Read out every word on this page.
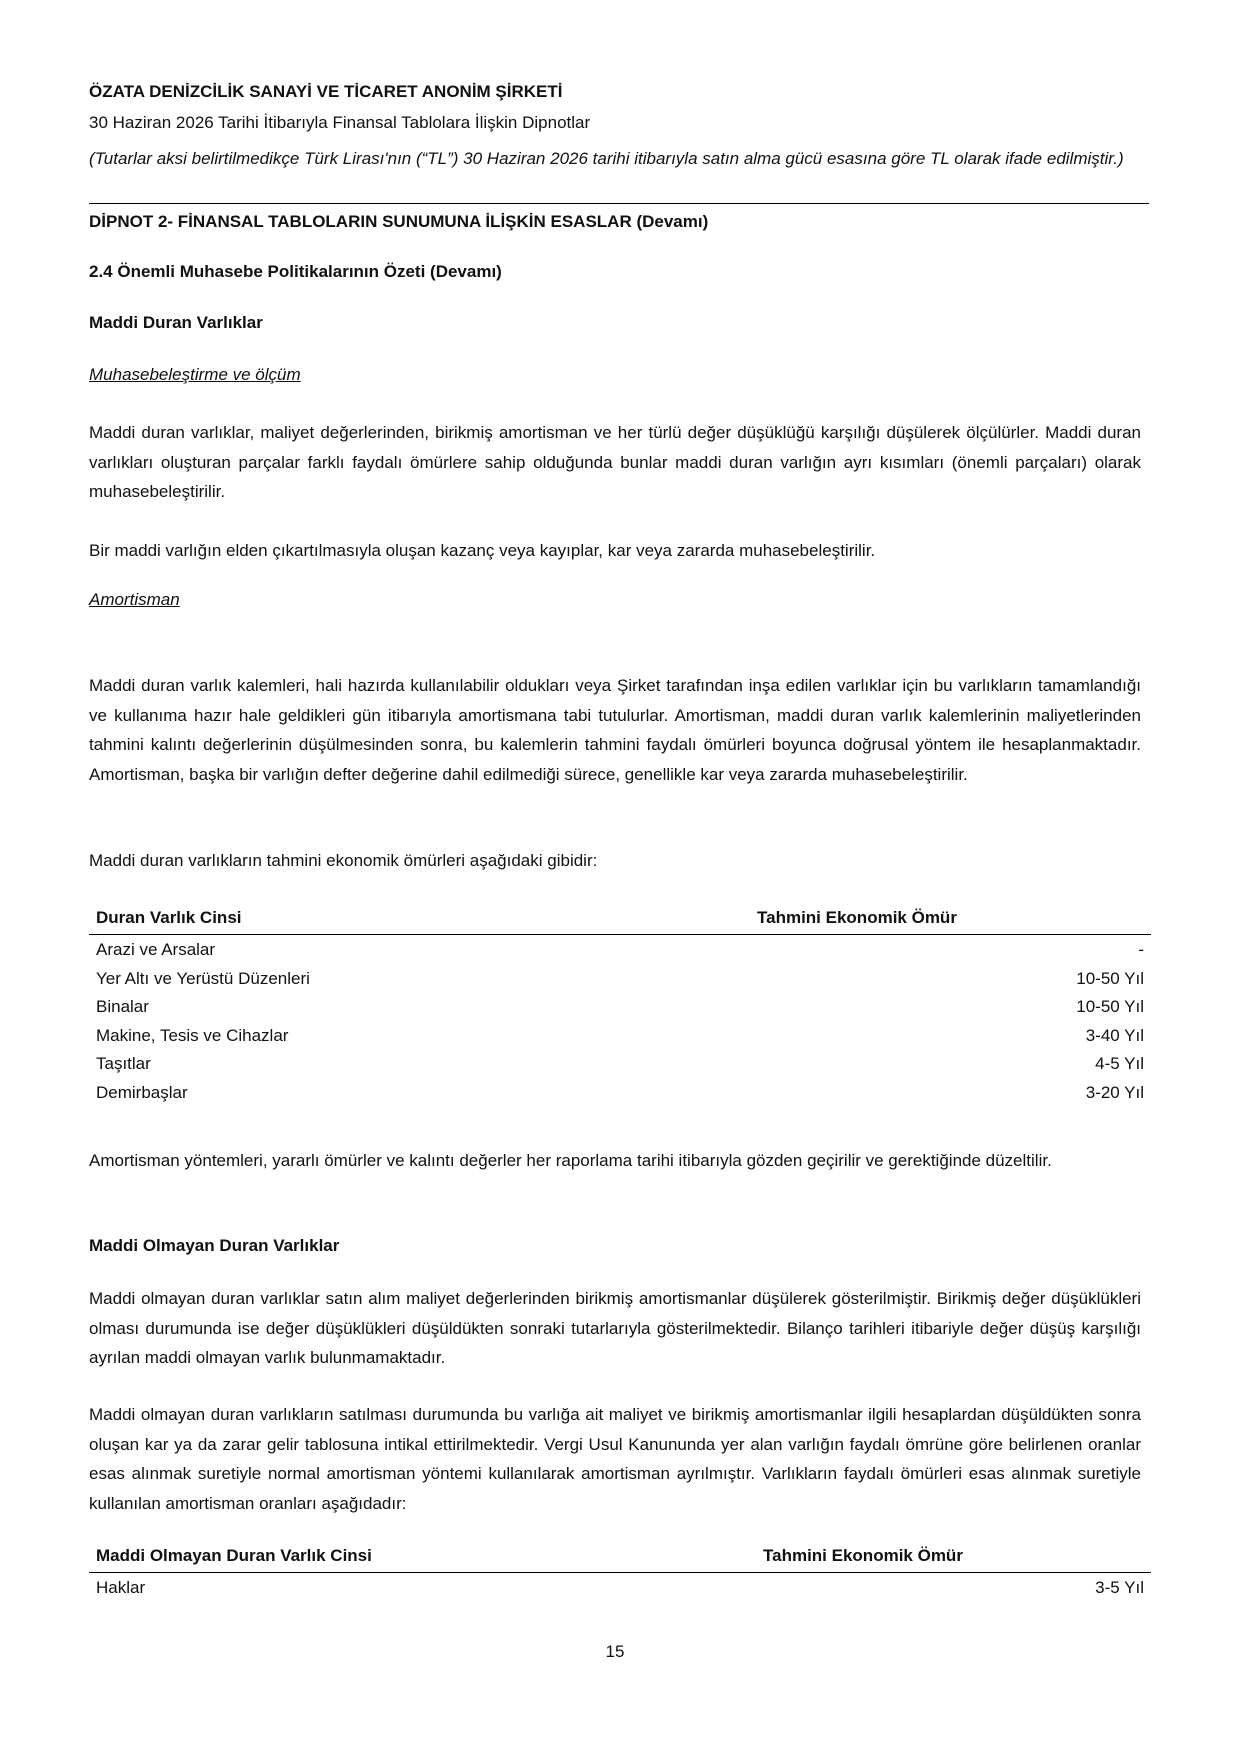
ÖZATA DENİZCİLİK SANAYİ VE TİCARET ANONİM ŞİRKETİ
30 Haziran 2026 Tarihi İtibarıyla Finansal Tablolara İlişkin Dipnotlar
(Tutarlar aksi belirtilmedikçe Türk Lirası'nın (“TL”) 30 Haziran 2026 tarihi itibarıyla satın alma gücü esasına göre TL olarak ifade edilmiştir.)
DİPNOT 2- FİNANSAL TABLOLARIN SUNUMUNA İLİŞKİN ESASLAR (Devamı)
2.4 Önemli Muhasebe Politikalarının Özeti (Devamı)
Maddi Duran Varlıklar
Muhasebeleştirme ve ölçüm
Maddi duran varlıklar, maliyet değerlerinden, birikmiş amortisman ve her türlü değer düşüklüğü karşılığı düşülerek ölçülürler. Maddi duran varlıkları oluşturan parçalar farklı faydalı ömürlere sahip olduğunda bunlar maddi duran varlığın ayrı kısımları (önemli parçaları) olarak muhasebeleştirilir.
Bir maddi varlığın elden çıkartılmasıyla oluşan kazanç veya kayıplar, kar veya zararda muhasebeleştirilir.
Amortisman
Maddi duran varlık kalemleri, hali hazırda kullanılabilir oldukları veya Şirket tarafından inşa edilen varlıklar için bu varlıkların tamamlandığı ve kullanıma hazır hale geldikleri gün itibarıyla amortismana tabi tutulurlar. Amortisman, maddi duran varlık kalemlerinin maliyetlerinden tahmini kalıntı değerlerinin düşülmesinden sonra, bu kalemlerin tahmini faydalı ömürleri boyunca doğrusal yöntem ile hesaplanmaktadır. Amortisman, başka bir varlığın defter değerine dahil edilmediği sürece, genellikle kar veya zararda muhasebeleştirilir.
Maddi duran varlıkların tahmini ekonomik ömürleri aşağıdaki gibidir:
Duran Varlık Cinsi	Tahmini Ekonomik Ömür
Arazi ve Arsalar	-
Yer Altı ve Yerüstü Düzenleri	10-50 Yıl
Binalar	10-50 Yıl
Makine, Tesis ve Cihazlar	3-40 Yıl
Taşıtlar	4-5 Yıl
Demirbaşlar	3-20 Yıl
Amortisman yöntemleri, yararlı ömürler ve kalıntı değerler her raporlama tarihi itibarıyla gözden geçirilir ve gerektiğinde düzeltilir.
Maddi Olmayan Duran Varlıklar
Maddi olmayan duran varlıklar satın alım maliyet değerlerinden birikmiş amortismanlar düşülerek gösterilmiştir. Birikmiş değer düşüklükleri olması durumunda ise değer düşüklükleri düşüldükten sonraki tutarlarıyla gösterilmektedir. Bilanço tarihleri itibariyle değer düşüş karşılığı ayrılan maddi olmayan varlık bulunmamaktadır.
Maddi olmayan duran varlıkların satılması durumunda bu varlığa ait maliyet ve birikmiş amortismanlar ilgili hesaplardan düşüldükten sonra oluşan kar ya da zarar gelir tablosuna intikal ettirilmektedir. Vergi Usul Kanununda yer alan varlığın faydalı ömrüne göre belirlenen oranlar esas alınmak suretiyle normal amortisman yöntemi kullanılarak amortisman ayrılmıştır. Varlıkların faydalı ömürleri esas alınmak suretiyle kullanılan amortisman oranları aşağıdadır:
Maddi Olmayan Duran Varlık Cinsi	Tahmini Ekonomik Ömür
Haklar	3-5 Yıl
15
